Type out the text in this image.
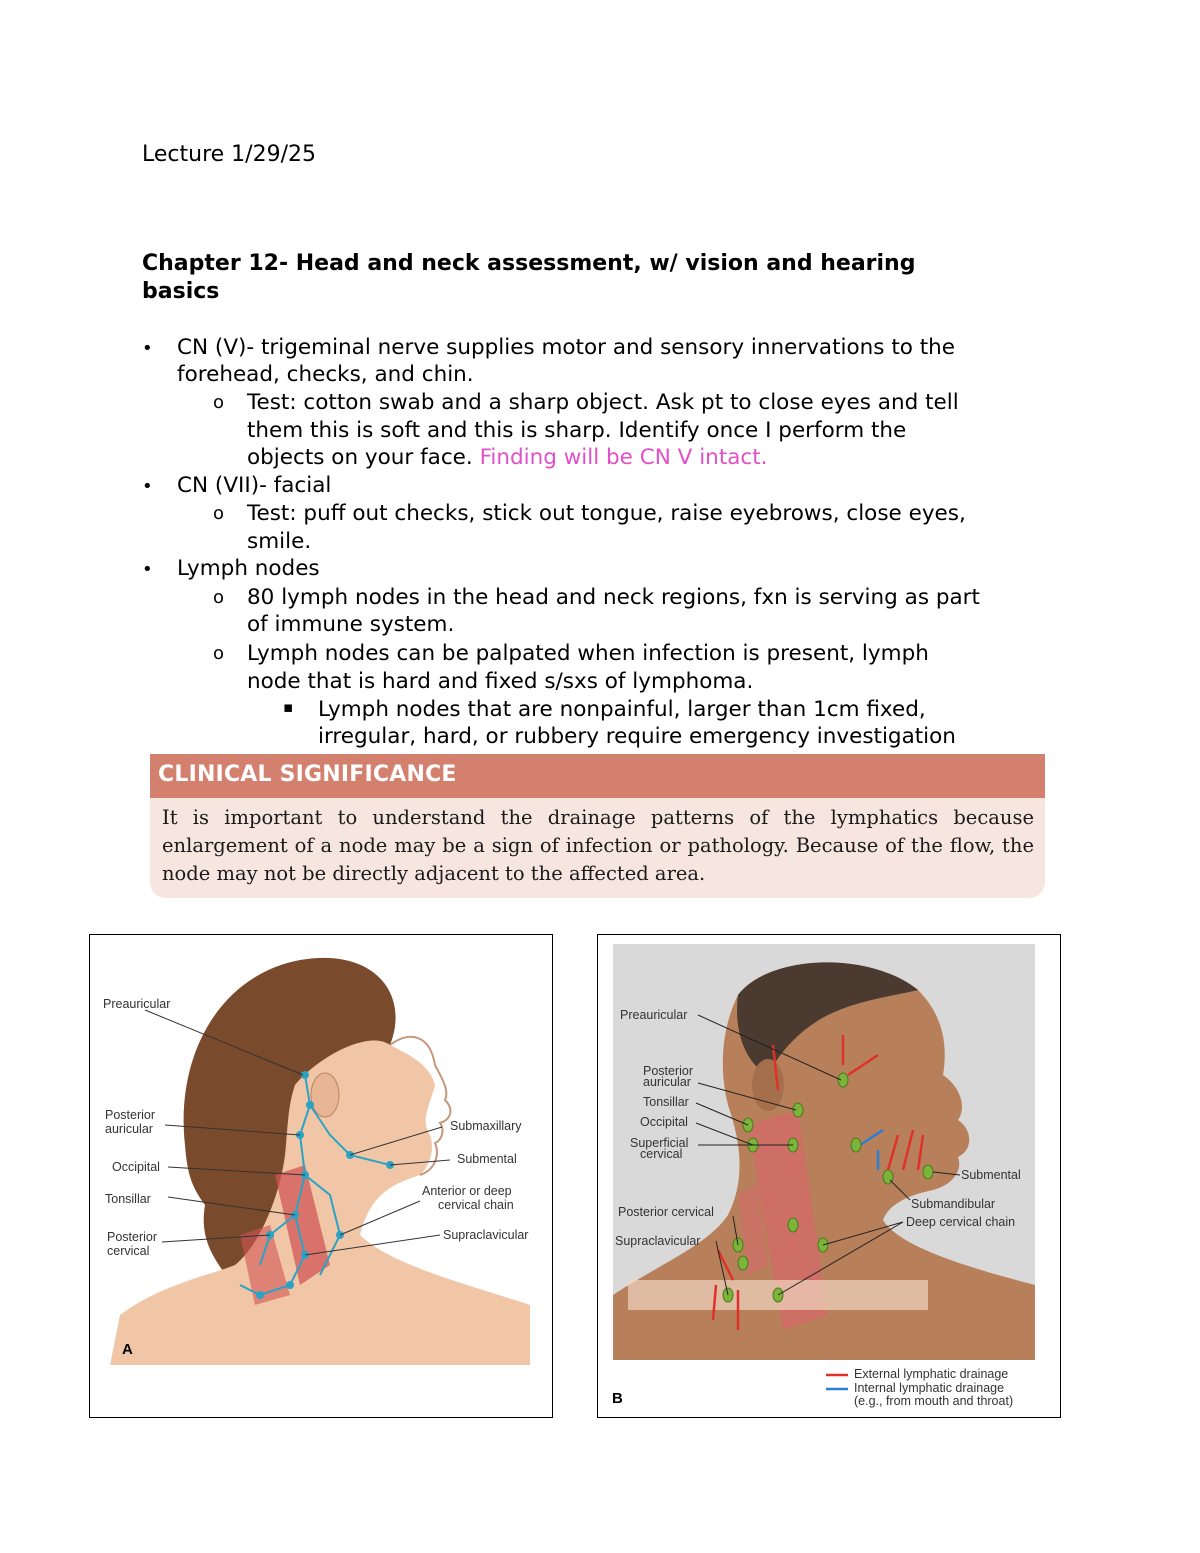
Lecture 1/29/25
Chapter 12- Head and neck assessment, w/ vision and hearing
basics
• CN (V)- trigeminal nerve supplies motor and sensory innervations to the
forehead, checks, and chin.
o Test: cotton swab and a sharp object. Ask pt to close eyes and tell
them this is soft and this is sharp. Identify once I perform the
objects on your face. Finding will be CN V intact.
• CN (VII)- facial
o Test: puff out checks, stick out tongue, raise eyebrows, close eyes,
smile.
• Lymph nodes
o 80 lymph nodes in the head and neck regions, fxn is serving as part
of immune system.
o Lymph nodes can be palpated when infection is present, lymph
node that is hard and fixed s/sxs of lymphoma.
▪ Lymph nodes that are nonpainful, larger than 1cm fixed,
irregular, hard, or rubbery require emergency investigation
CLINICAL SIGNIFICANCE
It is important to understand the drainage patterns of the lymphatics because enlargement of a node may be a sign of infection or pathology. Because of the flow, the node may not be directly adjacent to the affected area.
Preauricular
Posterior
auricular
Occipital
Tonsillar
Posterior
cervical
Submaxillary
Submental
Anterior or deep
cervical chain
Supraclavicular
A
Preauricular
Posterior
auricular
Tonsillar
Occipital
Superficial
cervical
Posterior cervical
Supraclavicular
Submental
Submandibular
Deep cervical chain
External lymphatic drainage
Internal lymphatic drainage
(e.g., from mouth and throat)
B
